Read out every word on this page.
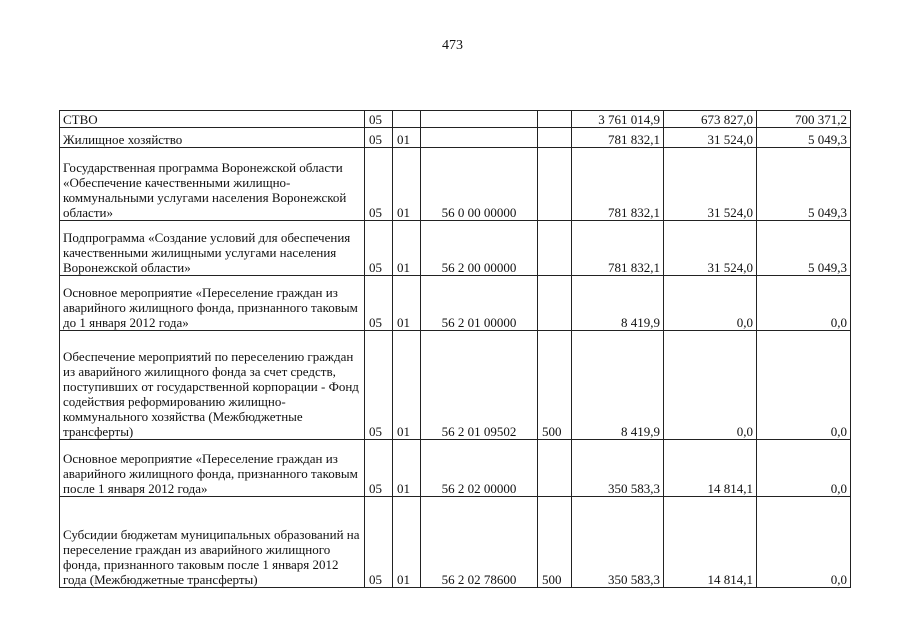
473
СТВО	05				3 761 014,9	673 827,0	700 371,2
Жилищное хозяйство	05	01			781 832,1	31 524,0	5 049,3
Государственная программа Воронежской области «Обеспечение качественными жилищно-коммунальными услугами населения Воронежской области»	05	01	56 0 00 00000		781 832,1	31 524,0	5 049,3
Подпрограмма «Создание условий для обеспечения качественными жилищными услугами населения Воронежской области»	05	01	56 2 00 00000		781 832,1	31 524,0	5 049,3
Основное мероприятие «Переселение граждан из аварийного жилищного фонда, признанного таковым до 1 января 2012 года»	05	01	56 2 01 00000		8 419,9	0,0	0,0
Обеспечение мероприятий по переселению граждан из аварийного жилищного фонда за счет средств, поступивших от государственной корпорации - Фонд содействия реформированию жилищно-коммунального хозяйства (Межбюджетные трансферты)	05	01	56 2 01 09502	500	8 419,9	0,0	0,0
Основное мероприятие «Переселение граждан из аварийного жилищного фонда, признанного таковым после 1 января 2012 года»	05	01	56 2 02 00000		350 583,3	14 814,1	0,0
Субсидии бюджетам муниципальных образований на переселение граждан из аварийного жилищного фонда, признанного таковым после 1 января 2012 года (Межбюджетные трансферты)	05	01	56 2 02 78600	500	350 583,3	14 814,1	0,0
